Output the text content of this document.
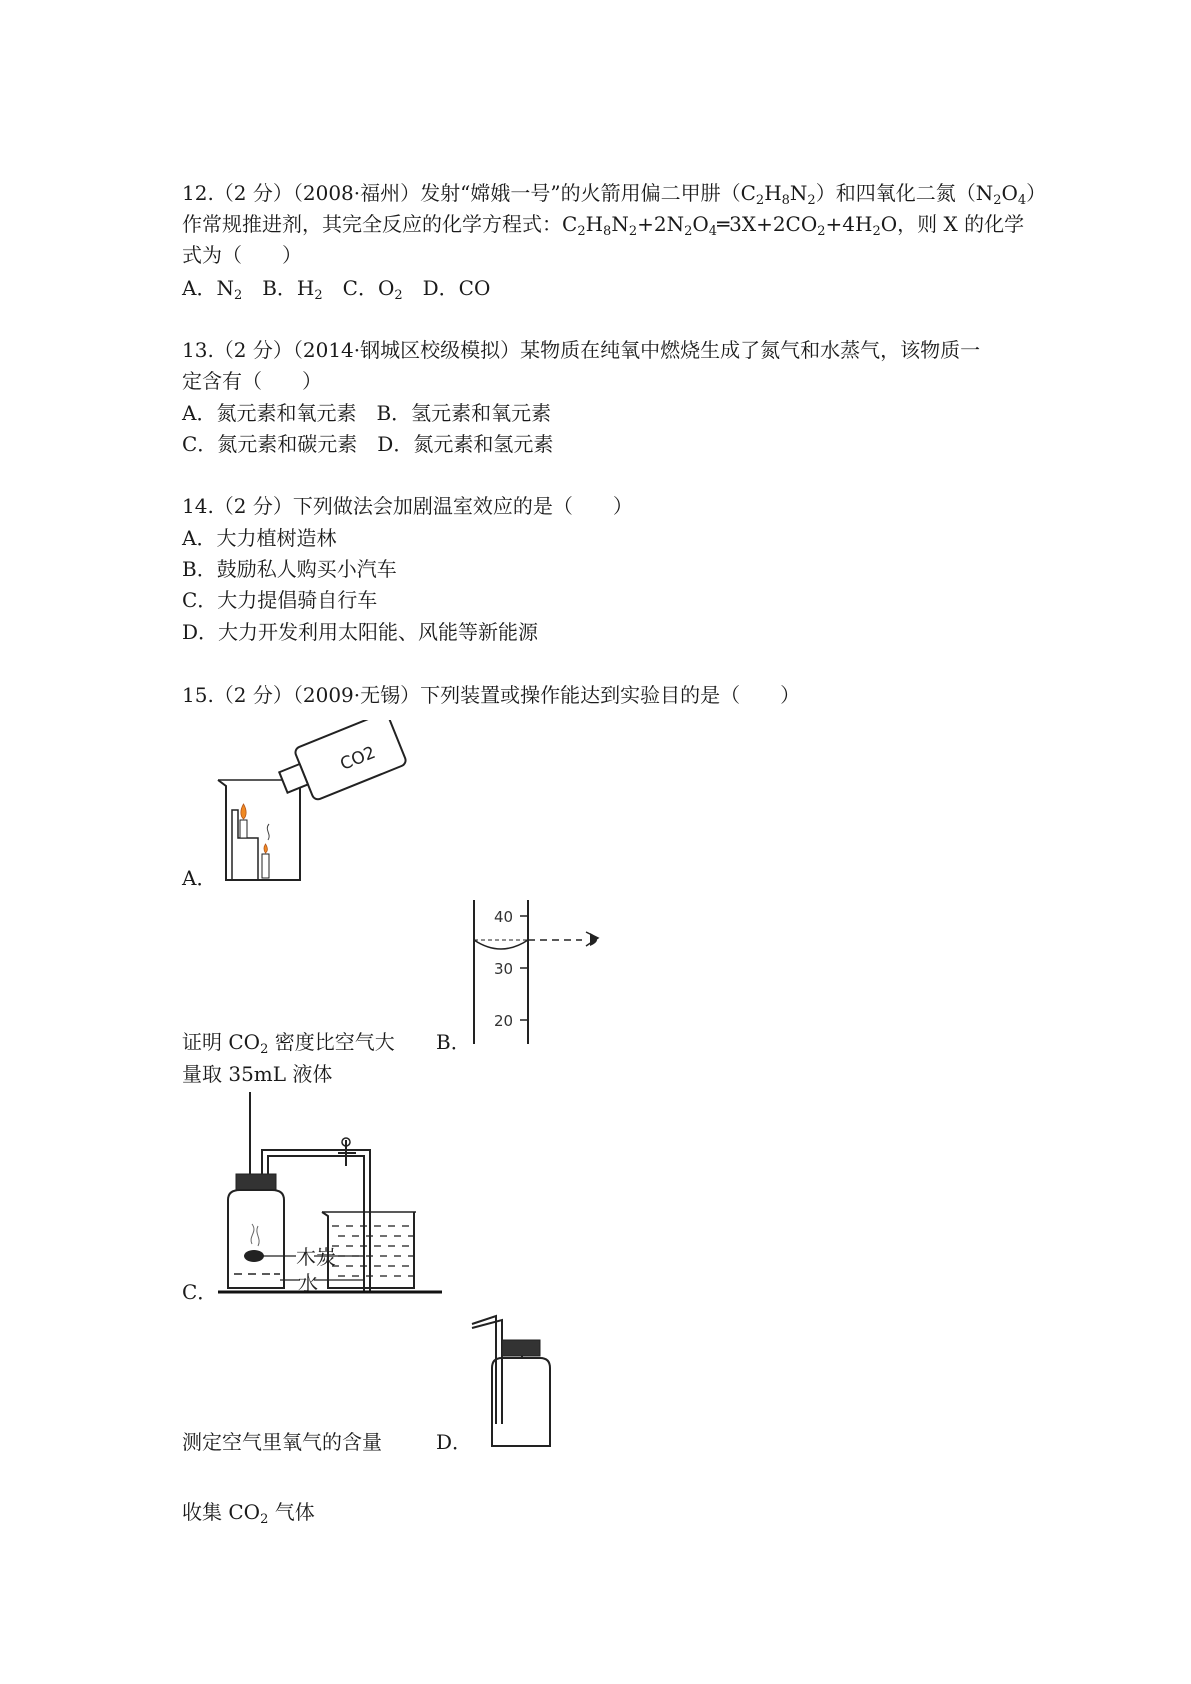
12.（2 分）（2008·福州）发射“嫦娥一号”的火箭用偏二甲肼$(C_2H_8N_2)$和四氧化二氮$(N_2O_4)$
作常规推进剂，其完全反应的化学方程式：$C_2H_8N_2+2N_2O_4═3X+2CO_2+4H_2O$，则 X 的化学
式为（　　）
A．$N_2$　B．$H_2$　C．$O_2$　D．CO
13.（2 分）（2014·钢城区校级模拟）某物质在纯氧中燃烧生成了氮气和水蒸气，该物质一
定含有（　　）
A．氮元素和氧元素　B．氢元素和氧元素
C．氮元素和碳元素　D．氮元素和氢元素
14.（2 分）下列做法会加剧温室效应的是（　　）
A．大力植树造林
B．鼓励私人购买小汽车
C．大力提倡骑自行车
D．大力开发利用太阳能、风能等新能源
15.（2 分）（2009·无锡）下列装置或操作能达到实验目的是（　　）
CO2
A．
40
30
20
证明 $CO_2$ 密度比空气大 B．
量取 35mL 液体
木炭
水
C．
测定空气里氧气的含量	D．
收集 $CO_2$ 气体
